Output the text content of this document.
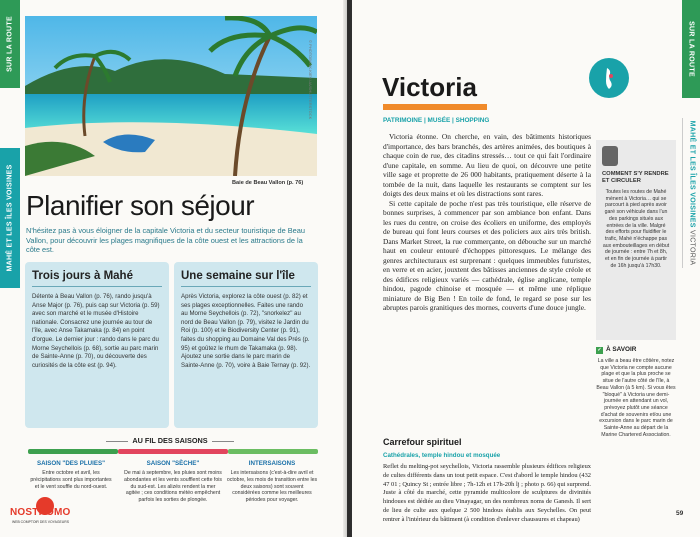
SUR LA ROUTE
MAHÉ ET LES ÎLES VOISINES
© PHOTOBANK.KIEV.UA/SHUTTERSTOCK
Baie de Beau Vallon (p. 76)
Planifier son séjour

N'hésitez pas à vous éloigner de la capitale Victoria et du secteur touristique de Beau Vallon, pour découvrir les plages magnifiques de la côte ouest et les attractions de la côte est.

Trois jours à Mahé

Détente à Beau Vallon (p. 76), rando jusqu'à Anse Major (p. 76), puis cap sur Victoria (p. 59) avec son marché et le musée d'Histoire nationale. Consacrez une journée au tour de l'île, avec Anse Takamaka (p. 84) en point d'orgue. Le dernier jour : rando dans le parc du Morne Seychellois (p. 68), sortie au parc marin de Sainte-Anne (p. 70), ou découverte des curiosités de la côte est (p. 94).

Une semaine sur l'île

Après Victoria, explorez la côte ouest (p. 82) et ses plages exceptionnelles. Faites une rando au Morne Seychellois (p. 72), "snorkelez" au nord de Beau Vallon (p. 79), visitez le Jardin du Roi (p. 100) et le Biodiversity Center (p. 91), faites du shopping au Domaine Val des Prés (p. 95) et goûtez le rhum de Takamaka (p. 98). Ajoutez une sortie dans le parc marin de Sainte-Anne (p. 70), voire à Baie Ternay (p. 92).

AU FIL DES SAISONS
SAISON "DES PLUIES"

Entre octobre et avril, les précipitations sont plus importantes et le vent souffle du nord-ouest.

SAISON "SÈCHE"

De mai à septembre, les pluies sont moins abondantes et les vents soufflent cette fois du sud-est. Les alizés rendent la mer agitée ; ces conditions météo empêchent parfois les sorties de plongée.

INTERSAISONS

Les intersaisons (c'est-à-dire avril et octobre, les mois de transition entre les deux saisons) sont souvent considérées comme les meilleures périodes pour voyager.

NOSTROMO
WEB COMPTOIR DES VOYAGEURS
SUR LA ROUTE
MAHÉ ET LES ÎLES VOISINES VICTORIA
Victoria
PATRIMOINE | MUSÉE | SHOPPING

Victoria étonne. On cherche, en vain, des bâtiments historiques d'importance, des bars branchés, des artères animées, des boutiques à chaque coin de rue, des citadins stressés… tout ce qui fait l'ordinaire d'une capitale, en somme. Au lieu de quoi, on découvre une petite ville sage et proprette de 26 000 habitants, pratiquement déserte à la tombée de la nuit, dans laquelle les restaurants se comptent sur les doigts des deux mains et où les distractions sont rares.

Si cette capitale de poche n'est pas très touristique, elle réserve de bonnes surprises, à commencer par son ambiance bon enfant. Dans les rues du centre, on croise des écoliers en uniforme, des employés de bureau qui font leurs courses et des policiers aux airs très british. Dans Market Street, la rue commerçante, on débouche sur un marché haut en couleur entouré d'échoppes pittoresques. Le mélange des genres architecturaux est surprenant : quelques immeubles futuristes, en verre et en acier, jouxtent des bâtisses anciennes de style créole et des édifices religieux variés — cathédrale, église anglicane, temple hindou, pagode chinoise et mosquée — et même une réplique miniature de Big Ben ! En toile de fond, le regard se pose sur les abruptes parois granitiques des mornes, couverts d'une douce jungle.

Carrefour spirituel
Cathédrales, temple hindou et mosquée

Reflet du melting-pot seychellois, Victoria rassemble plusieurs édifices religieux de cultes différents dans un tout petit espace. C'est d'abord le temple hindou (432 47 01 ; Quincy St ; entrée libre ; 7h-12h et 17h-20h lj ; photo p. 66) qui surprend. Juste à côté du marché, cette pyramide multicolore de sculptures de divinités hindoues est dédiée au dieu Vinayagar, un des nombreux noms de Ganesh. Il sert de lieu de culte aux quelque 2 500 hindous établis aux Seychelles. On peut rentrer à l'intérieur du bâtiment (à condition d'enlever chaussures et chapeau)

COMMENT S'Y RENDRE ET CIRCULER

Toutes les routes de Mahé mènent à Victoria… qui se parcourt à pied après avoir garé son véhicule dans l'un des parkings situés aux entrées de la ville. Malgré des efforts pour fluidifier le trafic, Mahé n'échappe pas aux embouteillages en début de journée : entre 7h et 8h, et en fin de journée à partir de 16h jusqu'à 17h30.

✓ À SAVOIR

La ville a beau être côtière, notez que Victoria ne compte aucune plage et que la plus proche se situe de l'autre côté de l'île, à Beau Vallon (à 5 km). Si vous êtes "bloqué" à Victoria une demi-journée en attendant un vol, prévoyez plutôt une séance d'achat de souvenirs et/ou une excursion dans le parc marin de Sainte-Anne au départ de la Marine Chartered Association.

59
